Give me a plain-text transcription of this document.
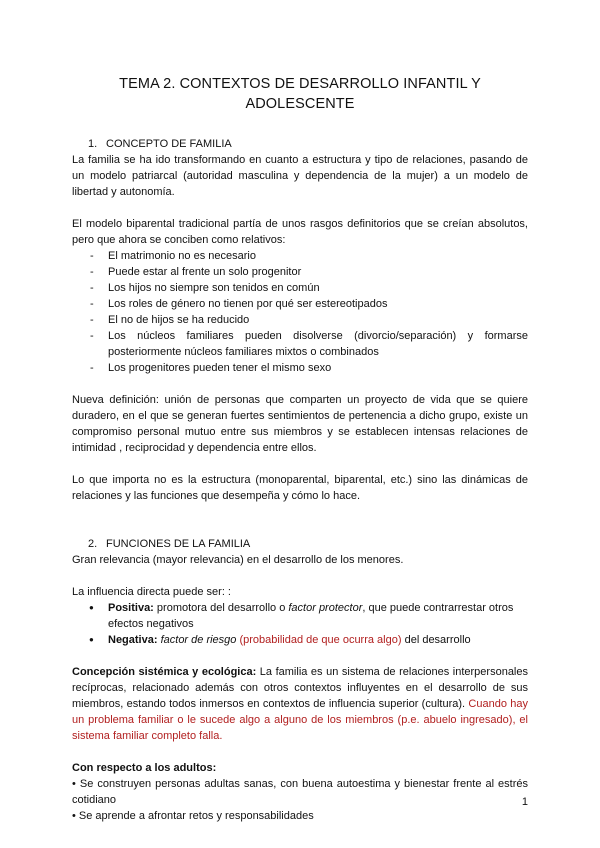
TEMA 2. CONTEXTOS DE DESARROLLO INFANTIL Y
ADOLESCENTE
1. CONCEPTO DE FAMILIA

La familia se ha ido transformando en cuanto a estructura y tipo de relaciones, pasando de un modelo patriarcal (autoridad masculina y dependencia de la mujer) a un modelo de libertad y autonomía.

El modelo biparental tradicional partía de unos rasgos definitorios que se creían absolutos, pero que ahora se conciben como relativos:

- El matrimonio no es necesario
- Puede estar al frente un solo progenitor
- Los hijos no siempre son tenidos en común
- Los roles de género no tienen por qué ser estereotipados
- El no de hijos se ha reducido
- Los núcleos familiares pueden disolverse (divorcio/separación) y formarse posteriormente núcleos familiares mixtos o combinados
- Los progenitores pueden tener el mismo sexo

Nueva definición: unión de personas que comparten un proyecto de vida que se quiere duradero, en el que se generan fuertes sentimientos de pertenencia a dicho grupo, existe un compromiso personal mutuo entre sus miembros y se establecen intensas relaciones de intimidad , reciprocidad y dependencia entre ellos.

Lo que importa no es la estructura (monoparental, biparental, etc.) sino las dinámicas de relaciones y las funciones que desempeña y cómo lo hace.

2. FUNCIONES DE LA FAMILIA

Gran relevancia (mayor relevancia) en el desarrollo de los menores.

La influencia directa puede ser: :

● Positiva: promotora del desarrollo o factor protector, que puede contrarrestar otros efectos negativos
● Negativa: factor de riesgo (probabilidad de que ocurra algo) del desarrollo

Concepción sistémica y ecológica: La familia es un sistema de relaciones interpersonales recíprocas, relacionado además con otros contextos influyentes en el desarrollo de sus miembros, estando todos inmersos en contextos de influencia superior (cultura). Cuando hay un problema familiar o le sucede algo a alguno de los miembros (p.e. abuelo ingresado), el sistema familiar completo falla.

Con respecto a los adultos:

• Se construyen personas adultas sanas, con buena autoestima y bienestar frente al estrés cotidiano

• Se aprende a afrontar retos y responsabilidades

1
